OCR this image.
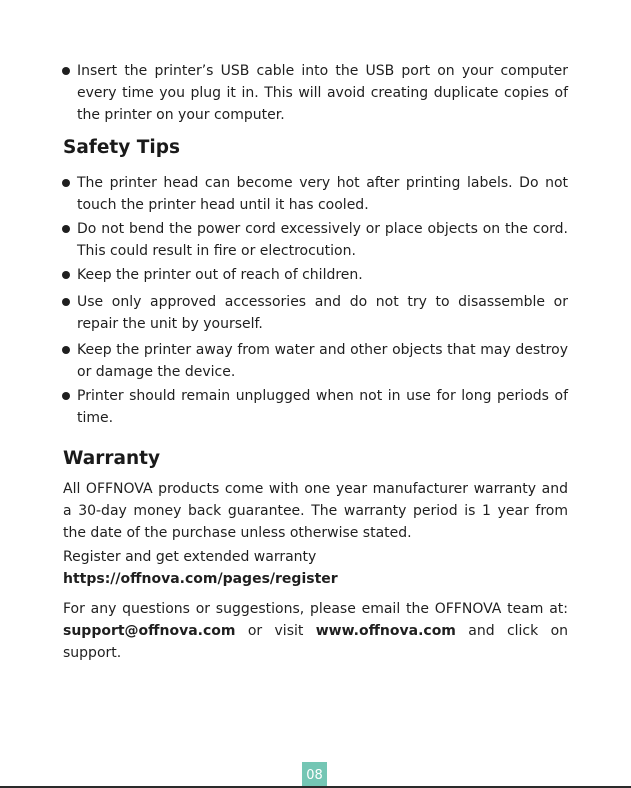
Insert the printer’s USB cable into the USB port on your computer every time you plug it in. This will avoid creating duplicate copies of the printer on your computer.

Safety Tips

The printer head can become very hot after printing labels. Do not touch the printer head until it has cooled.

Do not bend the power cord excessively or place objects on the cord. This could result in fire or electrocution.

Keep the printer out of reach of children.

Use only approved accessories and do not try to disassemble or repair the unit by yourself.

Keep the printer away from water and other objects that may destroy or damage the device.

Printer should remain unplugged when not in use for long periods of time.

Warranty

All OFFNOVA products come with one year manufacturer warranty and a 30-day money back guarantee. The warranty period is 1 year from the date of the purchase unless otherwise stated.

Register and get extended warranty

https://offnova.com/pages/register

For any questions or suggestions, please email the OFFNOVA team at: support@offnova.com or visit www.offnova.com and click on support.

08
